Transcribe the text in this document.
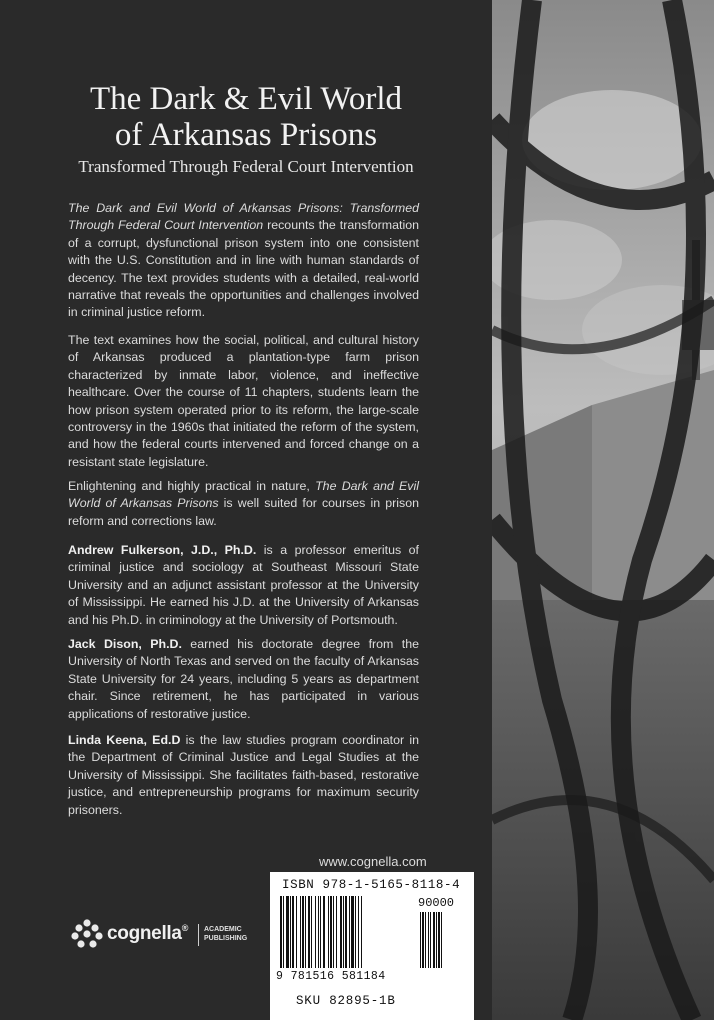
The Dark & Evil World
of Arkansas Prisons
Transformed Through Federal Court Intervention

The Dark and Evil World of Arkansas Prisons: Transformed Through Federal Court Intervention recounts the transformation of a corrupt, dysfunctional prison system into one consistent with the U.S. Constitution and in line with human standards of decency. The text provides students with a detailed, real-world narrative that reveals the opportunities and challenges involved in criminal justice reform.

The text examines how the social, political, and cultural history of Arkansas produced a plantation-type farm prison characterized by inmate labor, violence, and ineffective healthcare. Over the course of 11 chapters, students learn the how prison system operated prior to its reform, the large-scale controversy in the 1960s that initiated the reform of the system, and how the federal courts intervened and forced change on a resistant state legislature.

Enlightening and highly practical in nature, The Dark and Evil World of Arkansas Prisons is well suited for courses in prison reform and corrections law.

Andrew Fulkerson, J.D., Ph.D. is a professor emeritus of criminal justice and sociology at Southeast Missouri State University and an adjunct assistant professor at the University of Mississippi. He earned his J.D. at the University of Arkansas and his Ph.D. in criminology at the University of Portsmouth.

Jack Dison, Ph.D. earned his doctorate degree from the University of North Texas and served on the faculty of Arkansas State University for 24 years, including 5 years as department chair. Since retirement, he has participated in various applications of restorative justice.

Linda Keena, Ed.D is the law studies program coordinator in the Department of Criminal Justice and Legal Studies at the University of Mississippi. She facilitates faith-based, restorative justice, and entrepreneurship programs for maximum security prisoners.

www.cognella.com
cognella® ACADEMIC
PUBLISHING
ISBN 978-1-5165-8118-4
90000
9 781516 581184
SKU 82895-1B
